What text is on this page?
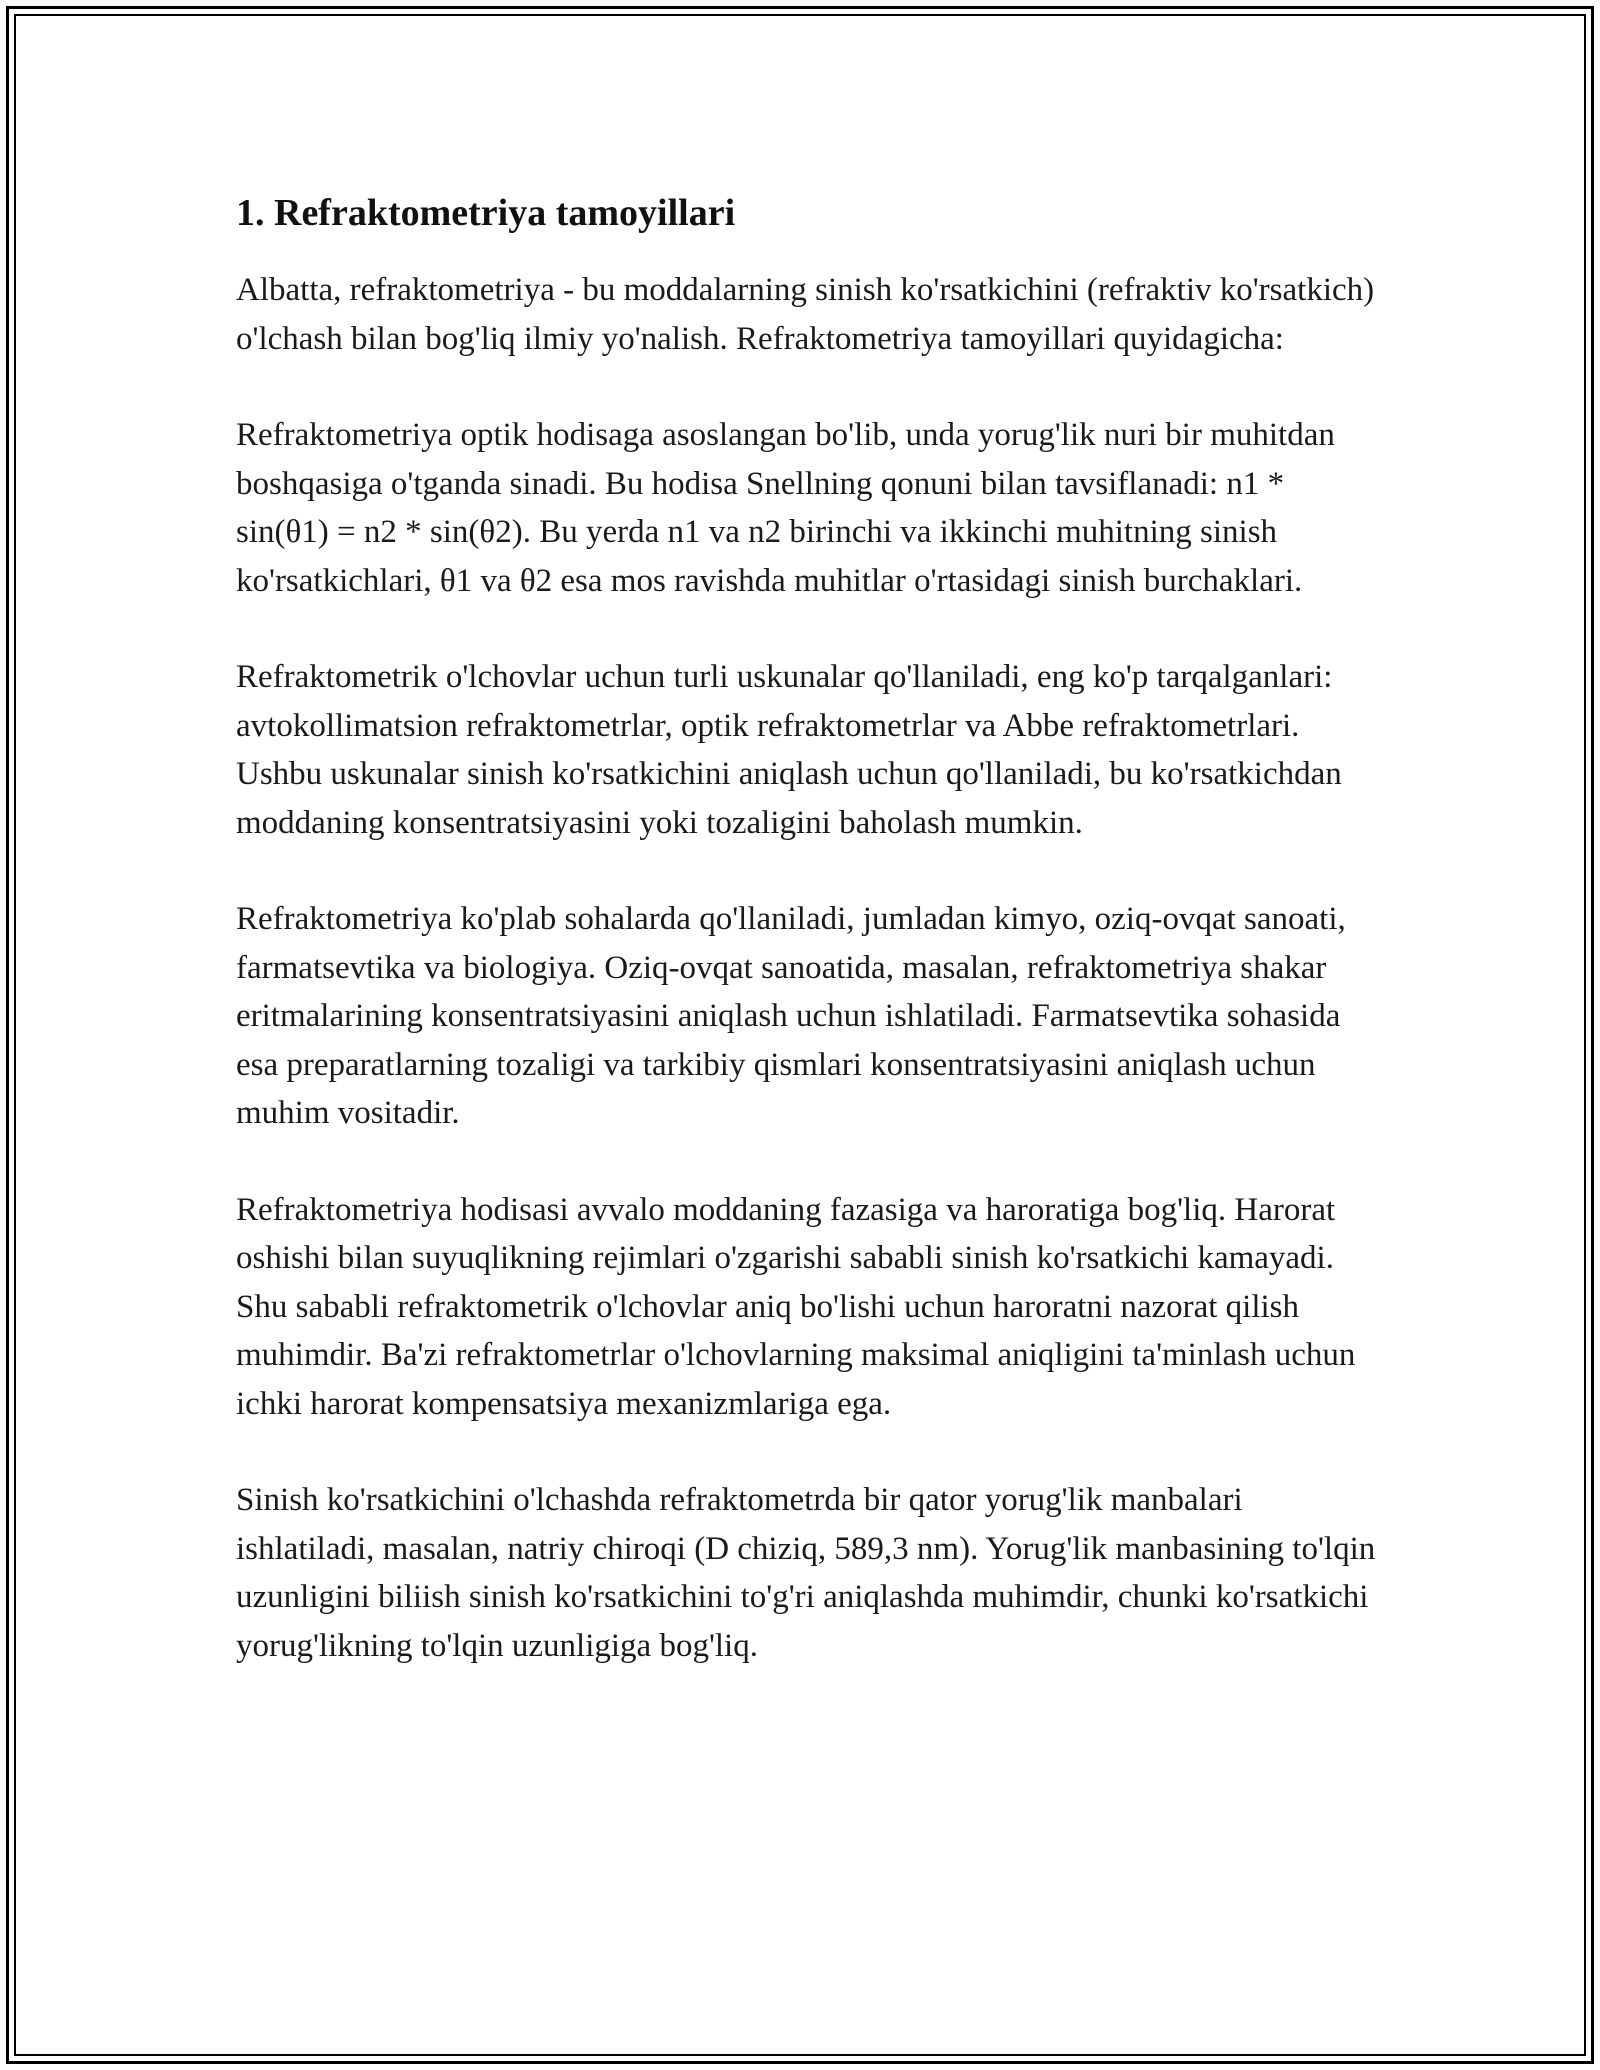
1. Refraktometriya tamoyillari

Albatta, refraktometriya - bu moddalarning sinish ko'rsatkichini (refraktiv ko'rsatkich) o'lchash bilan bog'liq ilmiy yo'nalish. Refraktometriya tamoyillari quyidagicha:

Refraktometriya optik hodisaga asoslangan bo'lib, unda yorug'lik nuri bir muhitdan boshqasiga o'tganda sinadi. Bu hodisa Snellning qonuni bilan tavsiflanadi: n1 * sin(θ1) = n2 * sin(θ2). Bu yerda n1 va n2 birinchi va ikkinchi muhitning sinish ko'rsatkichlari, θ1 va θ2 esa mos ravishda muhitlar o'rtasidagi sinish burchaklari.

Refraktometrik o'lchovlar uchun turli uskunalar qo'llaniladi, eng ko'p tarqalganlari: avtokollimatsion refraktometrlar, optik refraktometrlar va Abbe refraktometrlari. Ushbu uskunalar sinish ko'rsatkichini aniqlash uchun qo'llaniladi, bu ko'rsatkichdan moddaning konsentratsiyasini yoki tozaligini baholash mumkin.

Refraktometriya ko'plab sohalarda qo'llaniladi, jumladan kimyo, oziq-ovqat sanoati, farmatsevtika va biologiya. Oziq-ovqat sanoatida, masalan, refraktometriya shakar eritmalarining konsentratsiyasini aniqlash uchun ishlatiladi. Farmatsevtika sohasida esa preparatlarning tozaligi va tarkibiy qismlari konsentratsiyasini aniqlash uchun muhim vositadir.

Refraktometriya hodisasi avvalo moddaning fazasiga va haroratiga bog'liq. Harorat oshishi bilan suyuqlikning rejimlari o'zgarishi sababli sinish ko'rsatkichi kamayadi. Shu sababli refraktometrik o'lchovlar aniq bo'lishi uchun haroratni nazorat qilish muhimdir. Ba'zi refraktometrlar o'lchovlarning maksimal aniqligini ta'minlash uchun ichki harorat kompensatsiya mexanizmlariga ega.

Sinish ko'rsatkichini o'lchashda refraktometrda bir qator yorug'lik manbalari ishlatiladi, masalan, natriy chiroqi (D chiziq, 589,3 nm). Yorug'lik manbasining to'lqin uzunligini biliish sinish ko'rsatkichini to'g'ri aniqlashda muhimdir, chunki ko'rsatkichi yorug'likning to'lqin uzunligiga bog'liq.
